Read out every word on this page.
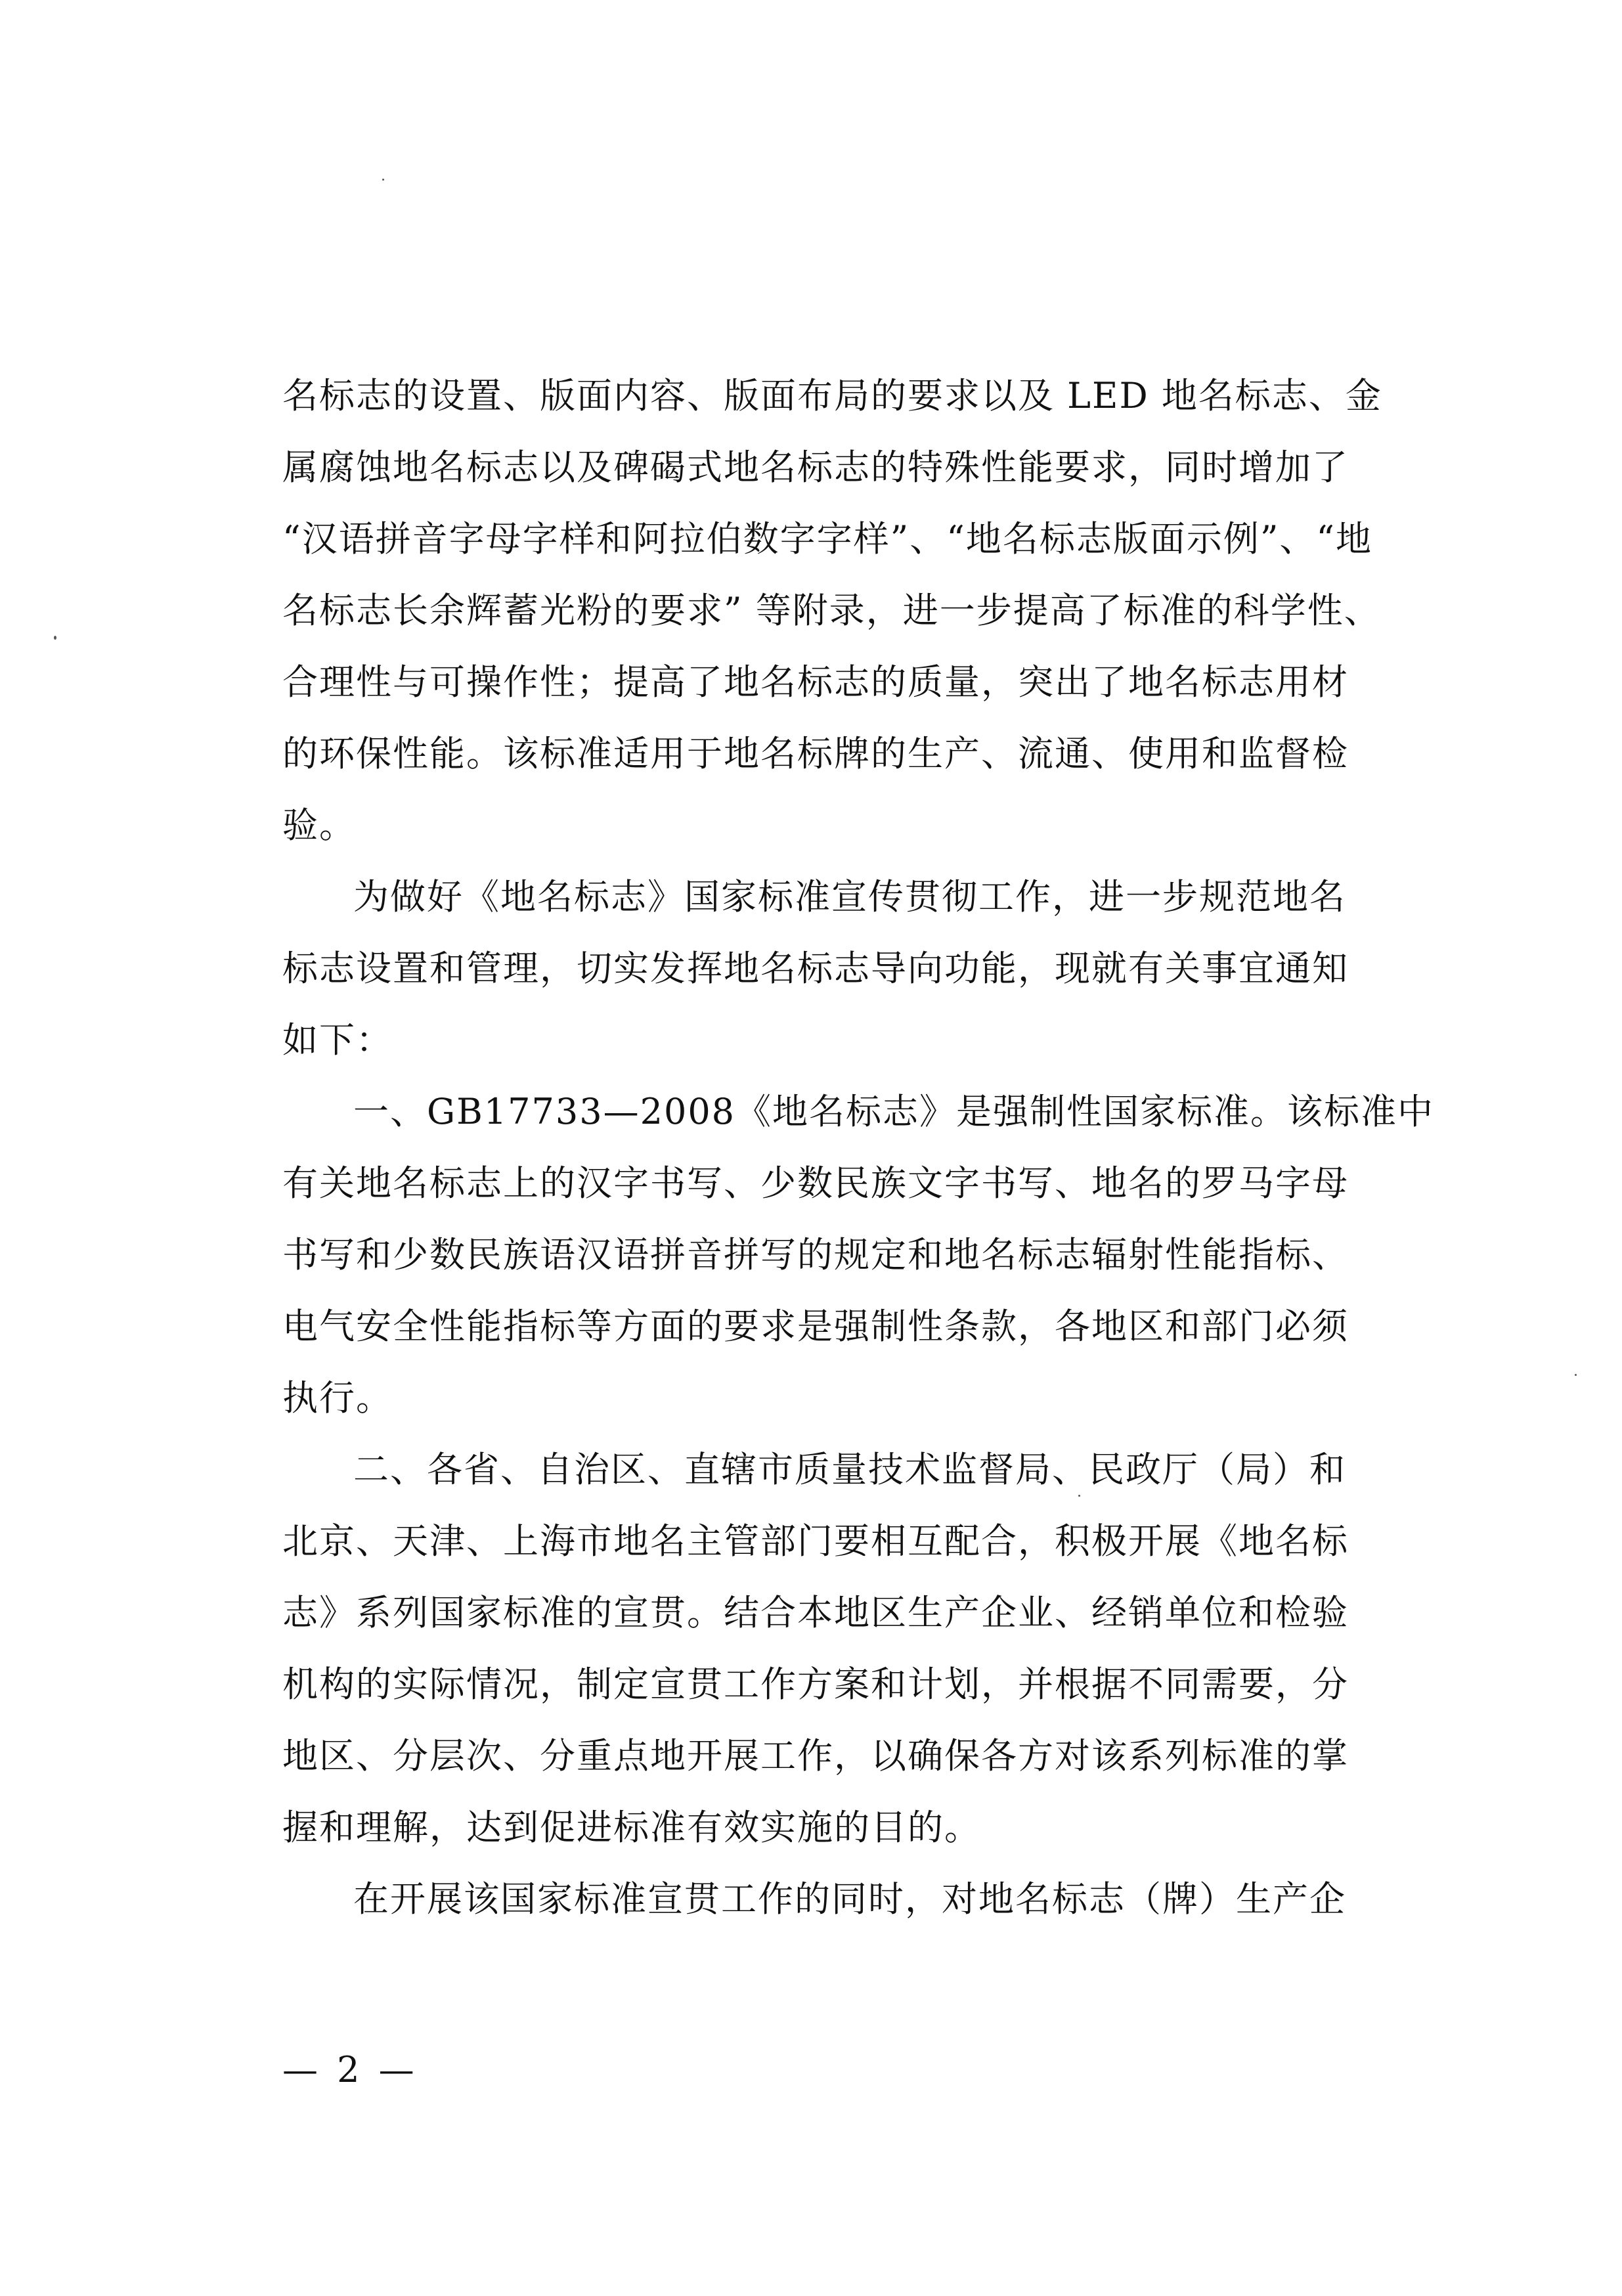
名标志的设置、版面内容、版面布局的要求以及 LED 地名标志、金
属腐蚀地名标志以及碑碣式地名标志的特殊性能要求，同时增加了
“汉语拼音字母字样和阿拉伯数字字样”、“地名标志版面示例”、“地
名标志长余辉蓄光粉的要求” 等附录，进一步提高了标准的科学性、
合理性与可操作性；提高了地名标志的质量，突出了地名标志用材
的环保性能。该标准适用于地名标牌的生产、流通、使用和监督检
验。
为做好《地名标志》国家标准宣传贯彻工作，进一步规范地名
标志设置和管理，切实发挥地名标志导向功能，现就有关事宜通知
如下：
一、GB17733—2008《地名标志》是强制性国家标准。该标准中
有关地名标志上的汉字书写、少数民族文字书写、地名的罗马字母
书写和少数民族语汉语拼音拼写的规定和地名标志辐射性能指标、
电气安全性能指标等方面的要求是强制性条款，各地区和部门必须
执行。
二、各省、自治区、直辖市质量技术监督局、民政厅（局）和
北京、天津、上海市地名主管部门要相互配合，积极开展《地名标
志》系列国家标准的宣贯。结合本地区生产企业、经销单位和检验
机构的实际情况，制定宣贯工作方案和计划，并根据不同需要，分
地区、分层次、分重点地开展工作，以确保各方对该系列标准的掌
握和理解，达到促进标准有效实施的目的。
在开展该国家标准宣贯工作的同时，对地名标志（牌）生产企
— 2 —
